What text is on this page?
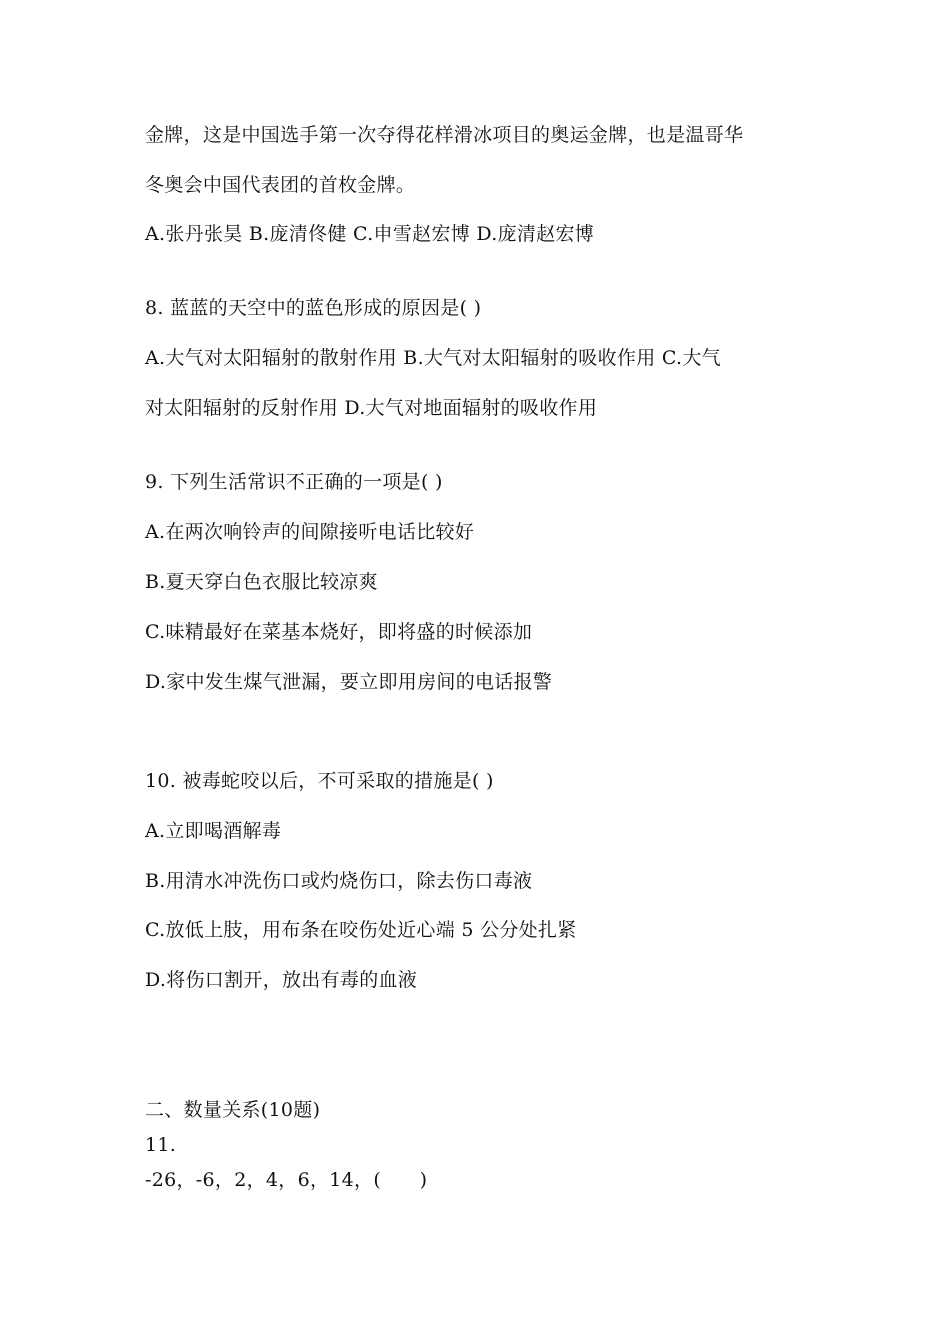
金牌，这是中国选手第一次夺得花样滑冰项目的奥运金牌，也是温哥华
冬奥会中国代表团的首枚金牌。
A.张丹张昊 B.庞清佟健 C.申雪赵宏博 D.庞清赵宏博
8. 蓝蓝的天空中的蓝色形成的原因是( )
A.大气对太阳辐射的散射作用 B.大气对太阳辐射的吸收作用 C.大气
对太阳辐射的反射作用 D.大气对地面辐射的吸收作用
9. 下列生活常识不正确的一项是( )
A.在两次响铃声的间隙接听电话比较好
B.夏天穿白色衣服比较凉爽
C.味精最好在菜基本烧好，即将盛的时候添加
D.家中发生煤气泄漏，要立即用房间的电话报警
10. 被毒蛇咬以后，不可采取的措施是( )
A.立即喝酒解毒
B.用清水冲洗伤口或灼烧伤口，除去伤口毒液
C.放低上肢，用布条在咬伤处近心端 5 公分处扎紧
D.将伤口割开，放出有毒的血液
二、数量关系(10题)
11.
-26，-6，2，4，6，14，(　　)
